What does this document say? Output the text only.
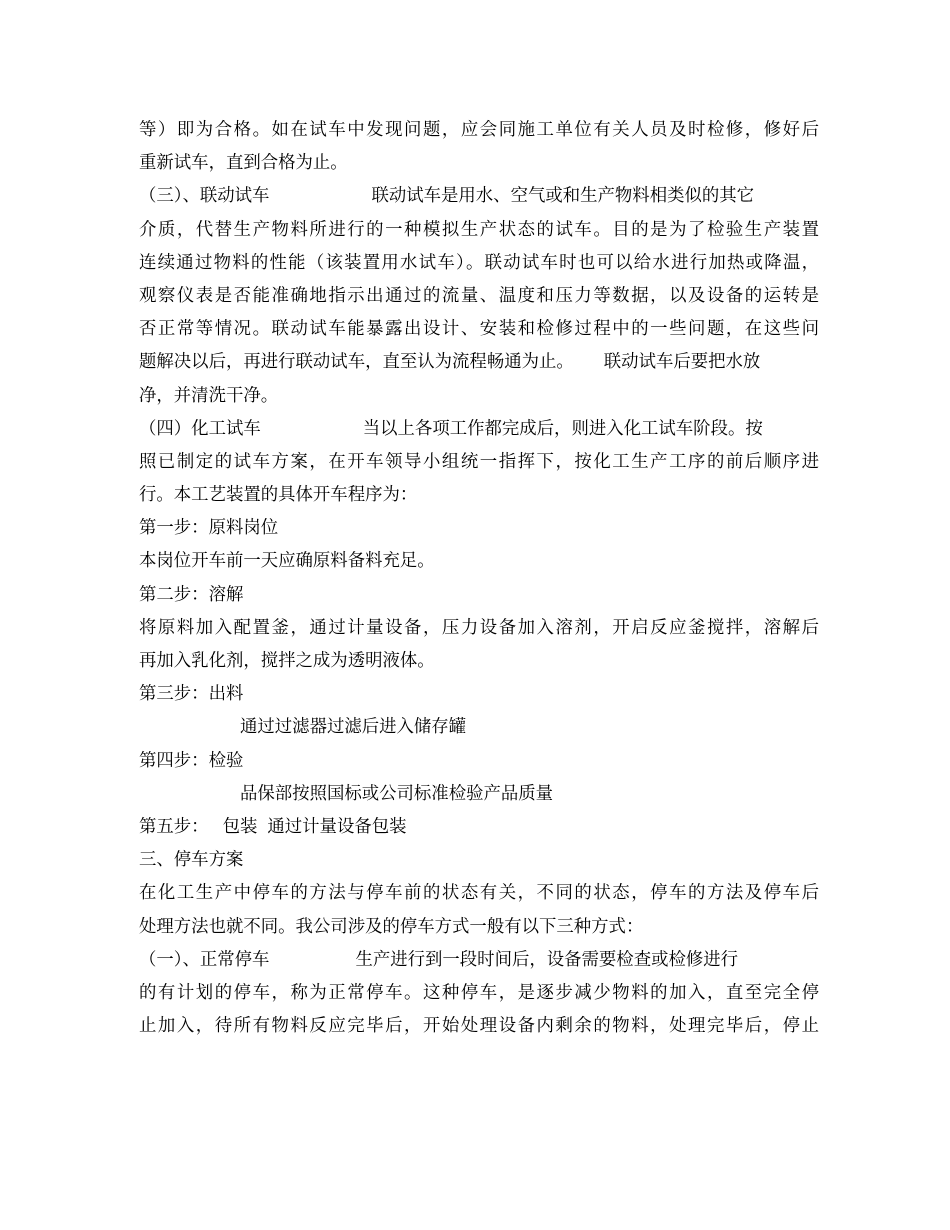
等）即为合格。如在试车中发现问题，应会同施工单位有关人员及时检修，修好后
重新试车，直到合格为止。
（三）、联动试车	联动试车是用水、空气或和生产物料相类似的其它
介质，代替生产物料所进行的一种模拟生产状态的试车。目的是为了检验生产装置
连续通过物料的性能（该装置用水试车）。联动试车时也可以给水进行加热或降温，
观察仪表是否能准确地指示出通过的流量、温度和压力等数据，以及设备的运转是
否正常等情况。联动试车能暴露出设计、安装和检修过程中的一些问题，在这些问
题解决以后，再进行联动试车，直至认为流程畅通为止。 联动试车后要把水放
净，并清洗干净。
（四）化工试车	当以上各项工作都完成后，则进入化工试车阶段。按
照已制定的试车方案，在开车领导小组统一指挥下，按化工生产工序的前后顺序进
行。本工艺装置的具体开车程序为：
第一步：原料岗位
本岗位开车前一天应确原料备料充足。
第二步：溶解
将原料加入配置釜，通过计量设备，压力设备加入溶剂，开启反应釜搅拌，溶解后
再加入乳化剂，搅拌之成为透明液体。
第三步：出料
通过过滤器过滤后进入储存罐
第四步：检验
品保部按照国标或公司标准检验产品质量
第五步： 包装 通过计量设备包装
三、停车方案
在化工生产中停车的方法与停车前的状态有关，不同的状态，停车的方法及停车后
处理方法也就不同。我公司涉及的停车方式一般有以下三种方式：
（一）、正常停车	生产进行到一段时间后，设备需要检查或检修进行
的有计划的停车，称为正常停车。这种停车，是逐步减少物料的加入，直至完全停
止加入，待所有物料反应完毕后，开始处理设备内剩余的物料，处理完毕后，停止
